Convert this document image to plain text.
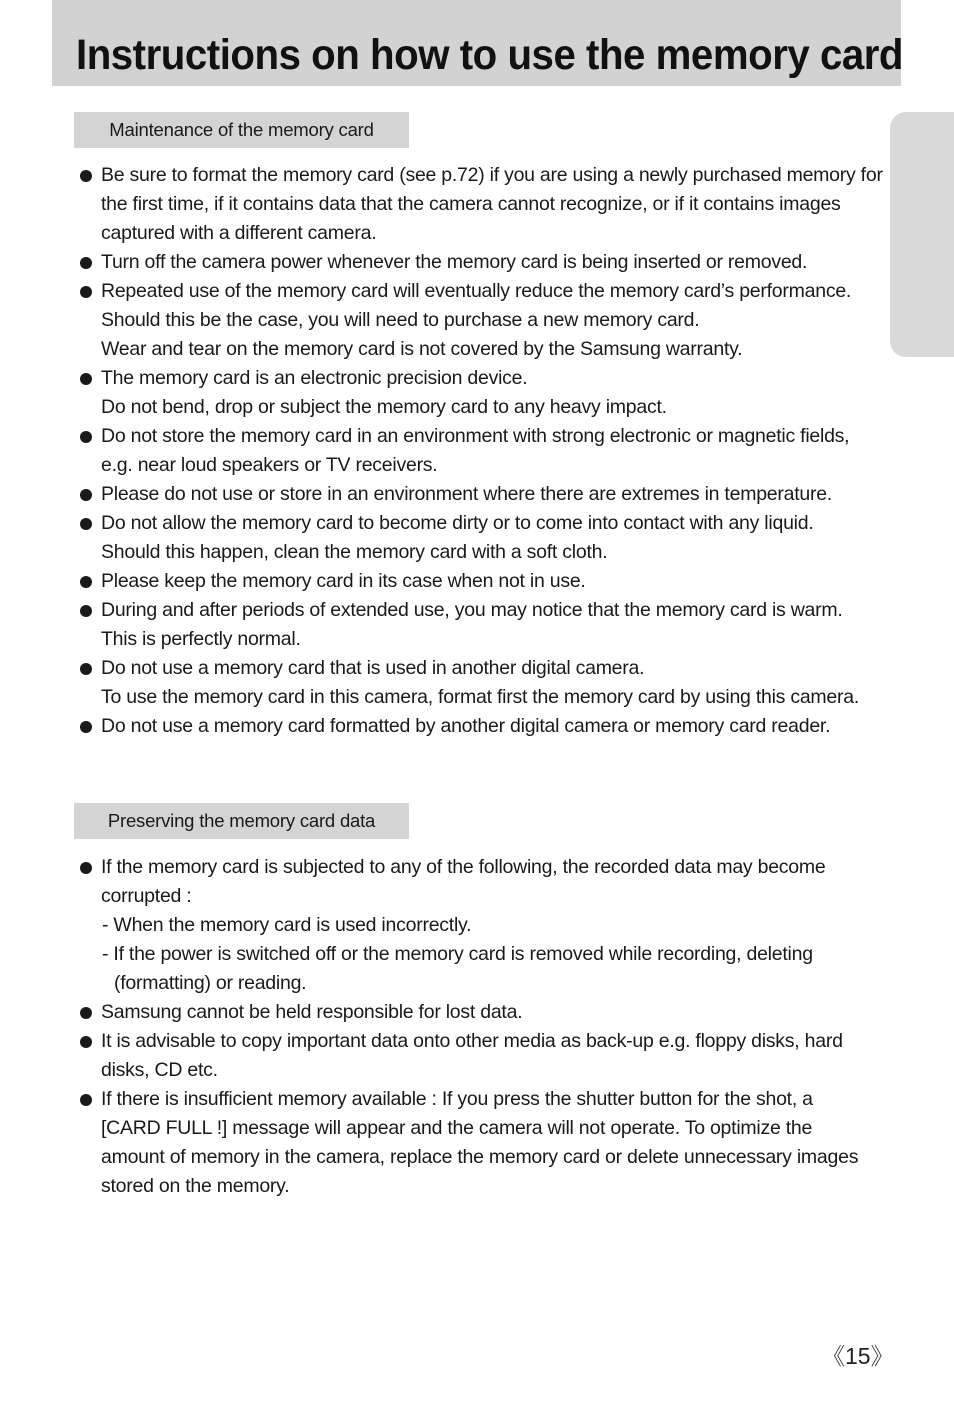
Instructions on how to use the memory card
Maintenance of the memory card
Be sure to format the memory card (see p.72) if you are using a newly purchased memory for
the first time, if it contains data that the camera cannot recognize, or if it contains images
captured with a different camera.
Turn off the camera power whenever the memory card is being inserted or removed.
Repeated use of the memory card will eventually reduce the memory card’s performance.
Should this be the case, you will need to purchase a new memory card.
Wear and tear on the memory card is not covered by the Samsung warranty.
The memory card is an electronic precision device.
Do not bend, drop or subject the memory card to any heavy impact.
Do not store the memory card in an environment with strong electronic or magnetic fields,
e.g. near loud speakers or TV receivers.
Please do not use or store in an environment where there are extremes in temperature.
Do not allow the memory card to become dirty or to come into contact with any liquid.
Should this happen, clean the memory card with a soft cloth.
Please keep the memory card in its case when not in use.
During and after periods of extended use, you may notice that the memory card is warm.
This is perfectly normal.
Do not use a memory card that is used in another digital camera.
To use the memory card in this camera, format first the memory card by using this camera.
Do not use a memory card formatted by another digital camera or memory card reader.
Preserving the memory card data
If the memory card is subjected to any of the following, the recorded data may become
corrupted :
- When the memory card is used incorrectly.
- If the power is switched off or the memory card is removed while recording, deleting
(formatting) or reading.
Samsung cannot be held responsible for lost data.
It is advisable to copy important data onto other media as back-up e.g. floppy disks, hard
disks, CD etc.
If there is insufficient memory available : If you press the shutter button for the shot, a
[CARD FULL !] message will appear and the camera will not operate. To optimize the
amount of memory in the camera, replace the memory card or delete unnecessary images
stored on the memory.
《15》
